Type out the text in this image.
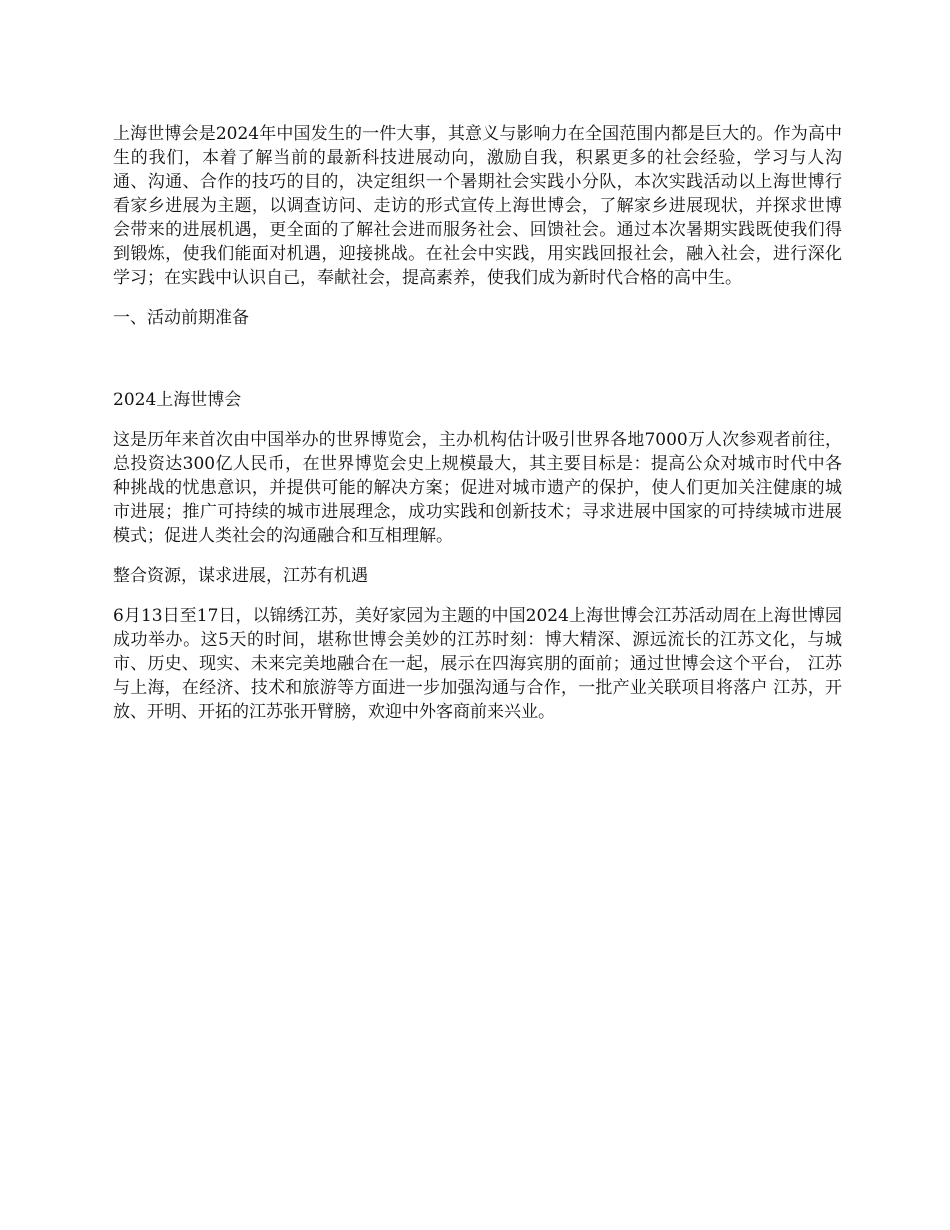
上海世博会是2024年中国发生的一件大事，其意义与影响力在全国范围内都是巨大的。作为高中生的我们，本着了解当前的最新科技进展动向，激励自我，积累更多的社会经验，学习与人沟通、沟通、合作的技巧的目的，决定组织一个暑期社会实践小分队，本次实践活动以上海世博行看家乡进展为主题，以调查访问、走访的形式宣传上海世博会，了解家乡进展现状，并探求世博会带来的进展机遇，更全面的了解社会进而服务社会、回馈社会。通过本次暑期实践既使我们得到锻炼，使我们能面对机遇，迎接挑战。在社会中实践，用实践回报社会，融入社会，进行深化学习；在实践中认识自己，奉献社会，提高素养，使我们成为新时代合格的高中生。

一、活动前期准备

2024上海世博会

这是历年来首次由中国举办的世界博览会，主办机构估计吸引世界各地7000万人次参观者前往，总投资达300亿人民币，在世界博览会史上规模最大，其主要目标是：提高公众对城市时代中各种挑战的忧患意识，并提供可能的解决方案；促进对城市遗产的保护，使人们更加关注健康的城市进展；推广可持续的城市进展理念，成功实践和创新技术；寻求进展中国家的可持续城市进展模式；促进人类社会的沟通融合和互相理解。

整合资源，谋求进展，江苏有机遇

6月13日至17日，以锦绣江苏，美好家园为主题的中国2024上海世博会江苏活动周在上海世博园成功举办。这5天的时间，堪称世博会美妙的江苏时刻：博大精深、源远流长的江苏文化，与城市、历史、现实、未来完美地融合在一起，展示在四海宾朋的面前；通过世博会这个平台， 江苏与上海，在经济、技术和旅游等方面进一步加强沟通与合作，一批产业关联项目将落户 江苏，开放、开明、开拓的江苏张开臂膀，欢迎中外客商前来兴业。
